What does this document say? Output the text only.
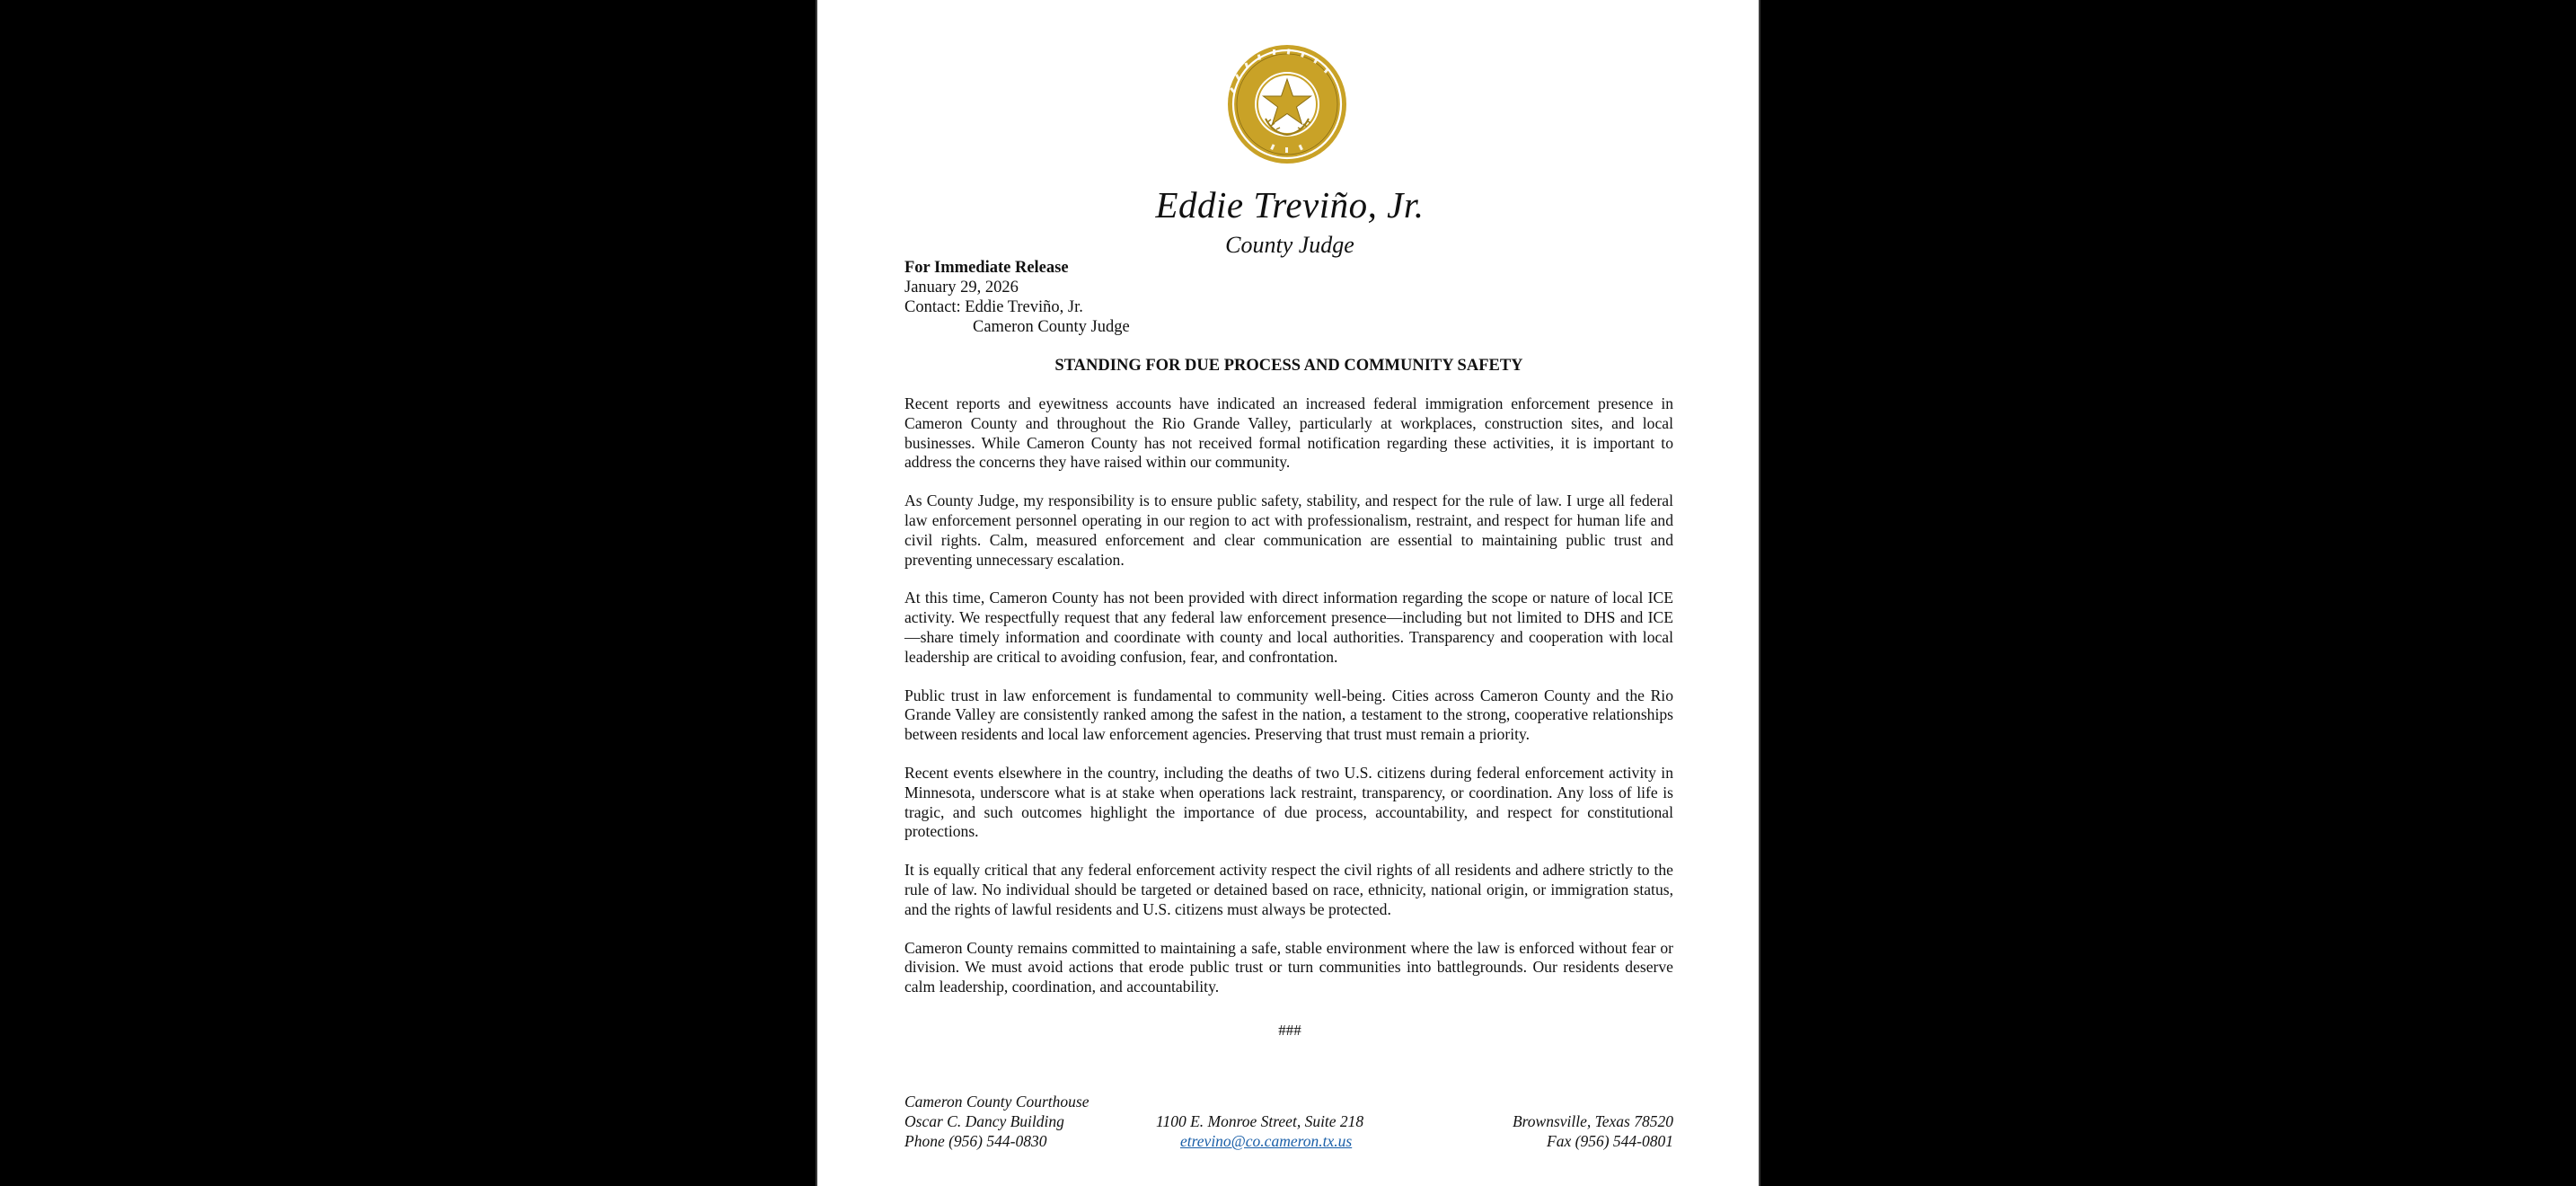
Eddie Treviño, Jr.
County Judge
For Immediate Release
January 29, 2026
Contact: Eddie Treviño, Jr.
Cameron County Judge
STANDING FOR DUE PROCESS AND COMMUNITY SAFETY

Recent reports and eyewitness accounts have indicated an increased federal immigration enforcement presence in Cameron County and throughout the Rio Grande Valley, particularly at workplaces, construction sites, and local businesses. While Cameron County has not received formal notification regarding these activities, it is important to address the concerns they have raised within our community.

As County Judge, my responsibility is to ensure public safety, stability, and respect for the rule of law. I urge all federal law enforcement personnel operating in our region to act with professionalism, restraint, and respect for human life and civil rights. Calm, measured enforcement and clear communication are essential to maintaining public trust and preventing unnecessary escalation.

At this time, Cameron County has not been provided with direct information regarding the scope or nature of local ICE activity. We respectfully request that any federal law enforcement presence—including but not limited to DHS and ICE—share timely information and coordinate with county and local authorities. Transparency and cooperation with local leadership are critical to avoiding confusion, fear, and confrontation.

Public trust in law enforcement is fundamental to community well-being. Cities across Cameron County and the Rio Grande Valley are consistently ranked among the safest in the nation, a testament to the strong, cooperative relationships between residents and local law enforcement agencies. Preserving that trust must remain a priority.

Recent events elsewhere in the country, including the deaths of two U.S. citizens during federal enforcement activity in Minnesota, underscore what is at stake when operations lack restraint, transparency, or coordination. Any loss of life is tragic, and such outcomes highlight the importance of due process, accountability, and respect for constitutional protections.

It is equally critical that any federal enforcement activity respect the civil rights of all residents and adhere strictly to the rule of law. No individual should be targeted or detained based on race, ethnicity, national origin, or immigration status, and the rights of lawful residents and U.S. citizens must always be protected.

Cameron County remains committed to maintaining a safe, stable environment where the law is enforced without fear or division. We must avoid actions that erode public trust or turn communities into battlegrounds. Our residents deserve calm leadership, coordination, and accountability.

###
Cameron County Courthouse
Oscar C. Dancy Building
Phone (956) 544-0830
1100 E. Monroe Street, Suite 218
etrevino@co.cameron.tx.us
Brownsville, Texas 78520
Fax (956) 544-0801
